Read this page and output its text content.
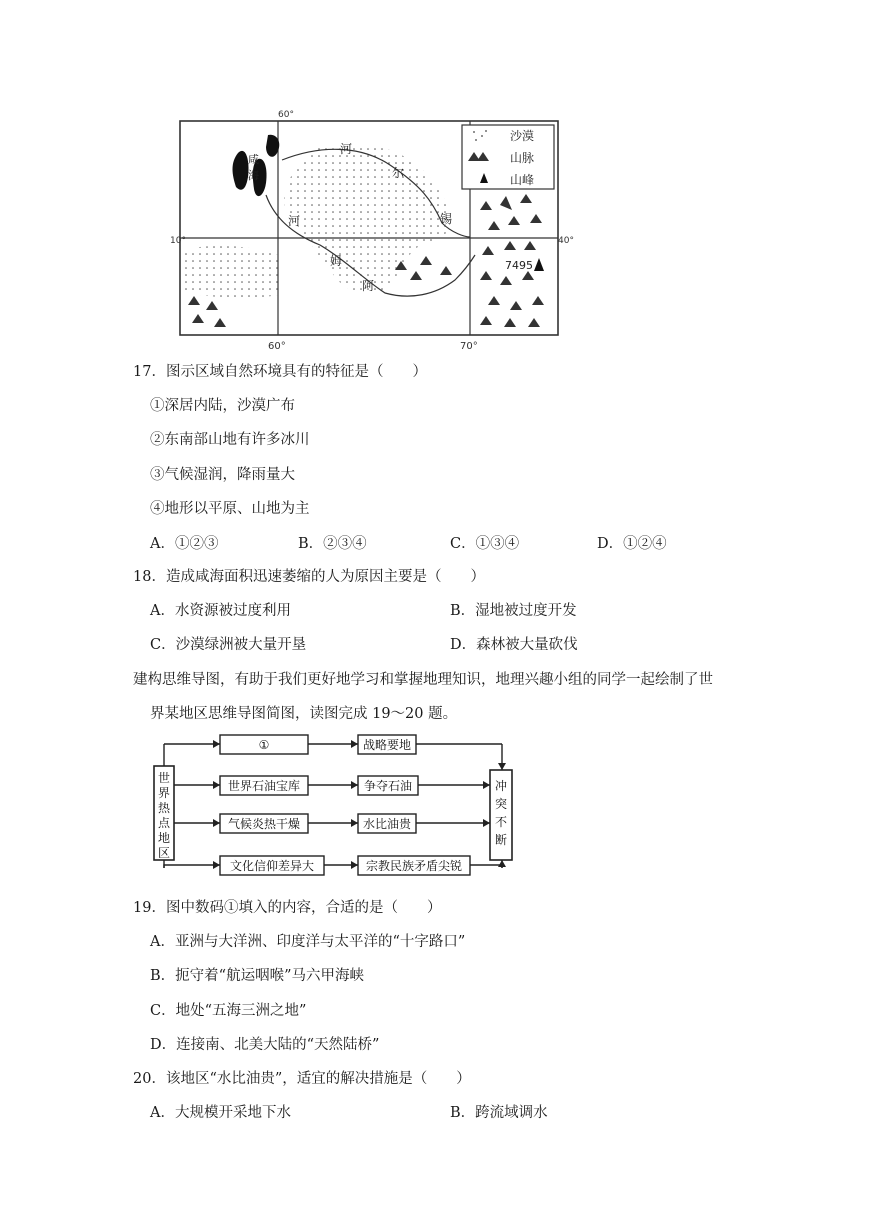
沙漠
山脉
山峰
60°
10°	40°
60°	70°
咸
海
河
尔
锡
河
姆
阿
7495
17．图示区域自然环境具有的特征是（　　）
①深居内陆，沙漠广布
②东南部山地有许多冰川
③气候湿润，降雨量大
④地形以平原、山地为主
A．①②③	B．②③④	C．①③④	D．①②④
18．造成咸海面积迅速萎缩的人为原因主要是（　　）
A．水资源被过度利用	B．湿地被过度开发
C．沙漠绿洲被大量开垦	D．森林被大量砍伐
建构思维导图，有助于我们更好地学习和掌握地理知识，地理兴趣小组的同学一起绘制了世
界某地区思维导图简图，读图完成 19～20 题。
世
界
热
点
地
区
冲
突
不
断
①
世界石油宝库
气候炎热干燥
文化信仰差异大
战略要地
争夺石油
水比油贵
宗教民族矛盾尖锐
19．图中数码①填入的内容，合适的是（　　）
A．亚洲与大洋洲、印度洋与太平洋的“十字路口”
B．扼守着“航运咽喉”马六甲海峡
C．地处“五海三洲之地”
D．连接南、北美大陆的“天然陆桥”
20．该地区“水比油贵”，适宜的解决措施是（　　）
A．大规模开采地下水	B．跨流域调水
